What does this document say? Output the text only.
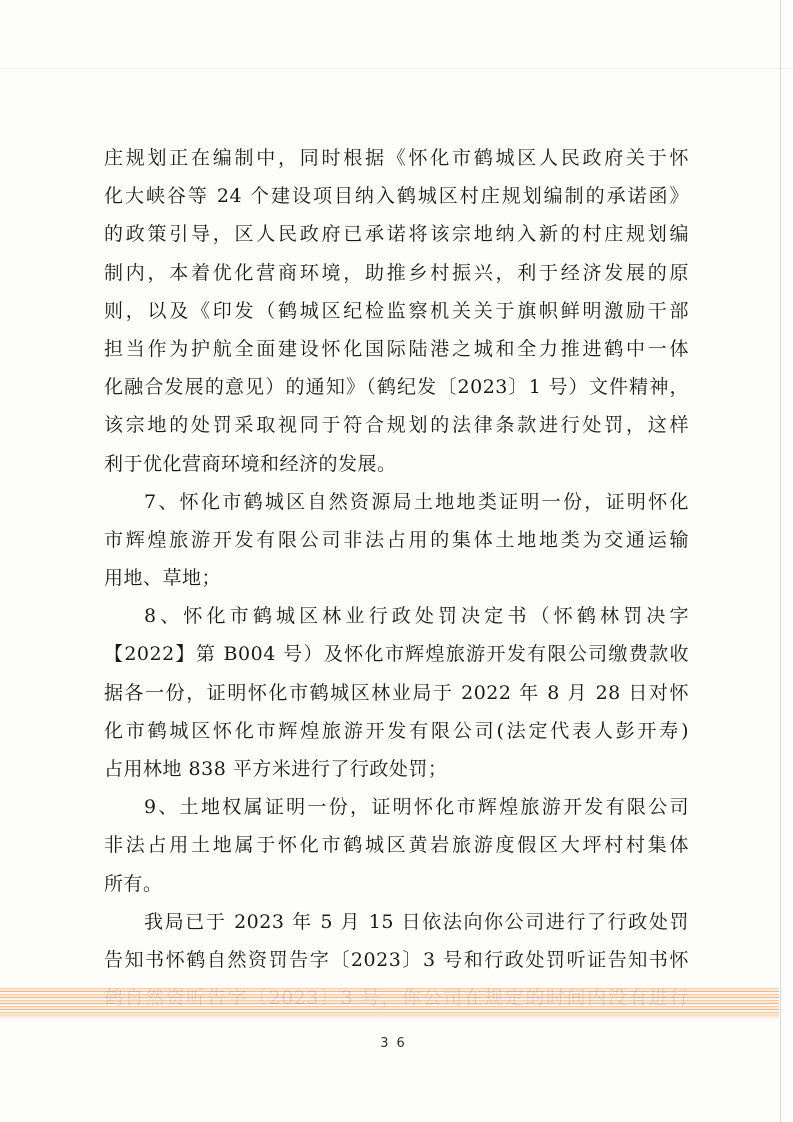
庄规划正在编制中，同时根据《怀化市鹤城区人民政府关于怀
化大峡谷等 24 个建设项目纳入鹤城区村庄规划编制的承诺函》
的政策引导，区人民政府已承诺将该宗地纳入新的村庄规划编
制内，本着优化营商环境，助推乡村振兴，利于经济发展的原
则，以及《印发（鹤城区纪检监察机关关于旗帜鲜明激励干部
担当作为护航全面建设怀化国际陆港之城和全力推进鹤中一体
化融合发展的意见）的通知》（鹤纪发〔2023〕1 号）文件精神，
该宗地的处罚采取视同于符合规划的法律条款进行处罚，这样
利于优化营商环境和经济的发展。
7、怀化市鹤城区自然资源局土地地类证明一份，证明怀化
市辉煌旅游开发有限公司非法占用的集体土地地类为交通运输
用地、草地；
8、怀化市鹤城区林业行政处罚决定书（怀鹤林罚决字
【2022】第 B004 号）及怀化市辉煌旅游开发有限公司缴费款收
据各一份，证明怀化市鹤城区林业局于 2022 年 8 月 28 日对怀
化市鹤城区怀化市辉煌旅游开发有限公司(法定代表人彭开寿)
占用林地 838 平方米进行了行政处罚；
9、土地权属证明一份，证明怀化市辉煌旅游开发有限公司
非法占用土地属于怀化市鹤城区黄岩旅游度假区大坪村村集体
所有。
我局已于 2023 年 5 月 15 日依法向你公司进行了行政处罚
告知书怀鹤自然资罚告字〔2023〕3 号和行政处罚听证告知书怀
36
